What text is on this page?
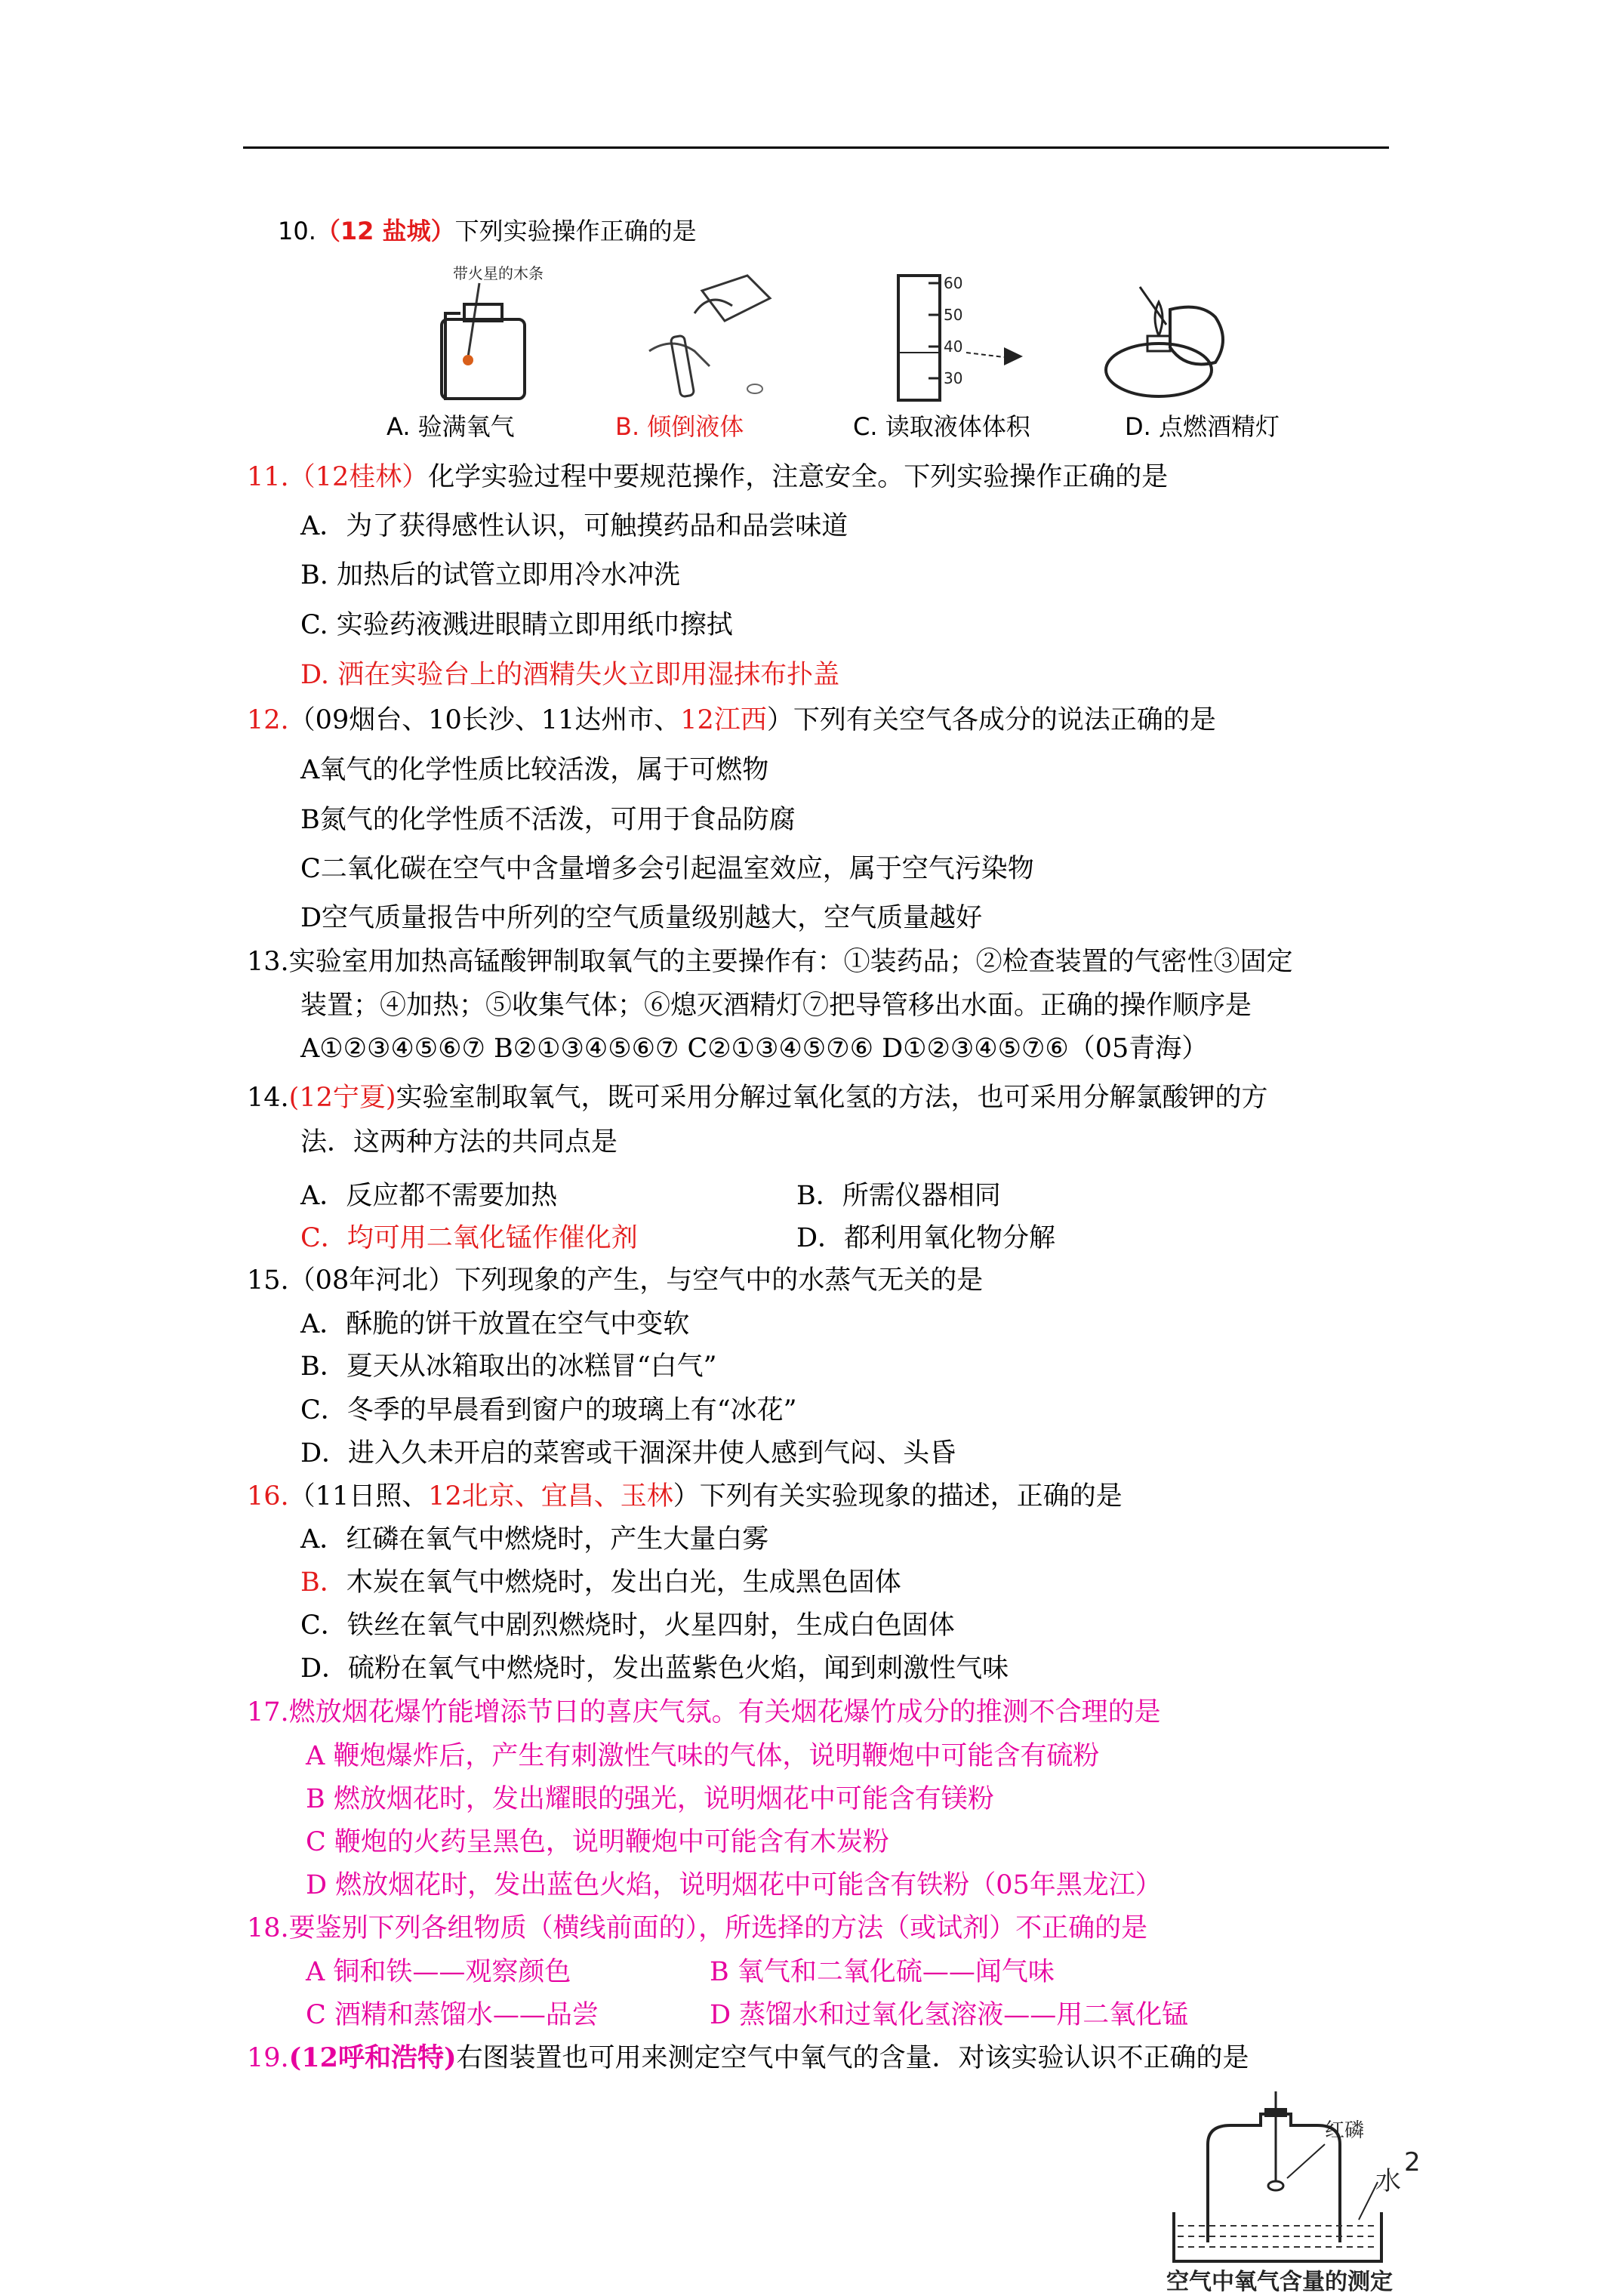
10.（12 盐城）下列实验操作正确的是
带火星的木条
60
50
40
30
A. 验满氧气	B. 倾倒液体	C. 读取液体体积	D. 点燃酒精灯
11.（12桂林）化学实验过程中要规范操作，注意安全。下列实验操作正确的是
A．为了获得感性认识，可触摸药品和品尝味道
B. 加热后的试管立即用冷水冲洗
C. 实验药液溅进眼睛立即用纸巾擦拭
D. 洒在实验台上的酒精失火立即用湿抹布扑盖
12.（09烟台、10长沙、11达州市、12江西）下列有关空气各成分的说法正确的是
A氧气的化学性质比较活泼，属于可燃物
B氮气的化学性质不活泼，可用于食品防腐
C二氧化碳在空气中含量增多会引起温室效应，属于空气污染物
D空气质量报告中所列的空气质量级别越大，空气质量越好
13.实验室用加热高锰酸钾制取氧气的主要操作有：①装药品；②检查装置的气密性③固定
装置；④加热；⑤收集气体；⑥熄灭酒精灯⑦把导管移出水面。正确的操作顺序是
A①②③④⑤⑥⑦ B②①③④⑤⑥⑦ C②①③④⑤⑦⑥ D①②③④⑤⑦⑥（05青海）
14.(12宁夏)实验室制取氧气，既可采用分解过氧化氢的方法，也可采用分解氯酸钾的方
法．这两种方法的共同点是
A．反应都不需要加热	B．所需仪器相同
C．均可用二氧化锰作催化剂	D．都利用氧化物分解
15.（08年河北）下列现象的产生，与空气中的水蒸气无关的是
A．酥脆的饼干放置在空气中变软
B．夏天从冰箱取出的冰糕冒“白气”
C．冬季的早晨看到窗户的玻璃上有“冰花”
D．进入久未开启的菜窖或干涸深井使人感到气闷、头昏
16.（11日照、12北京、宜昌、玉林）下列有关实验现象的描述，正确的是
A．红磷在氧气中燃烧时，产生大量白雾
B．木炭在氧气中燃烧时，发出白光，生成黑色固体
C．铁丝在氧气中剧烈燃烧时，火星四射，生成白色固体
D．硫粉在氧气中燃烧时，发出蓝紫色火焰，闻到刺激性气味
17.燃放烟花爆竹能增添节日的喜庆气氛。有关烟花爆竹成分的推测不合理的是
A 鞭炮爆炸后，产生有刺激性气味的气体，说明鞭炮中可能含有硫粉
B 燃放烟花时，发出耀眼的强光，说明烟花中可能含有镁粉
C 鞭炮的火药呈黑色，说明鞭炮中可能含有木炭粉
D 燃放烟花时，发出蓝色火焰，说明烟花中可能含有铁粉（05年黑龙江）
18.要鉴别下列各组物质（横线前面的），所选择的方法（或试剂）不正确的是
A 铜和铁——观察颜色	B 氧气和二氧化硫——闻气味
C 酒精和蒸馏水——品尝	D 蒸馏水和过氧化氢溶液——用二氧化锰
19.(12呼和浩特)右图装置也可用来测定空气中氧气的含量．对该实验认识不正确的是
红磷
水
2
空气中氧气含量的测定
